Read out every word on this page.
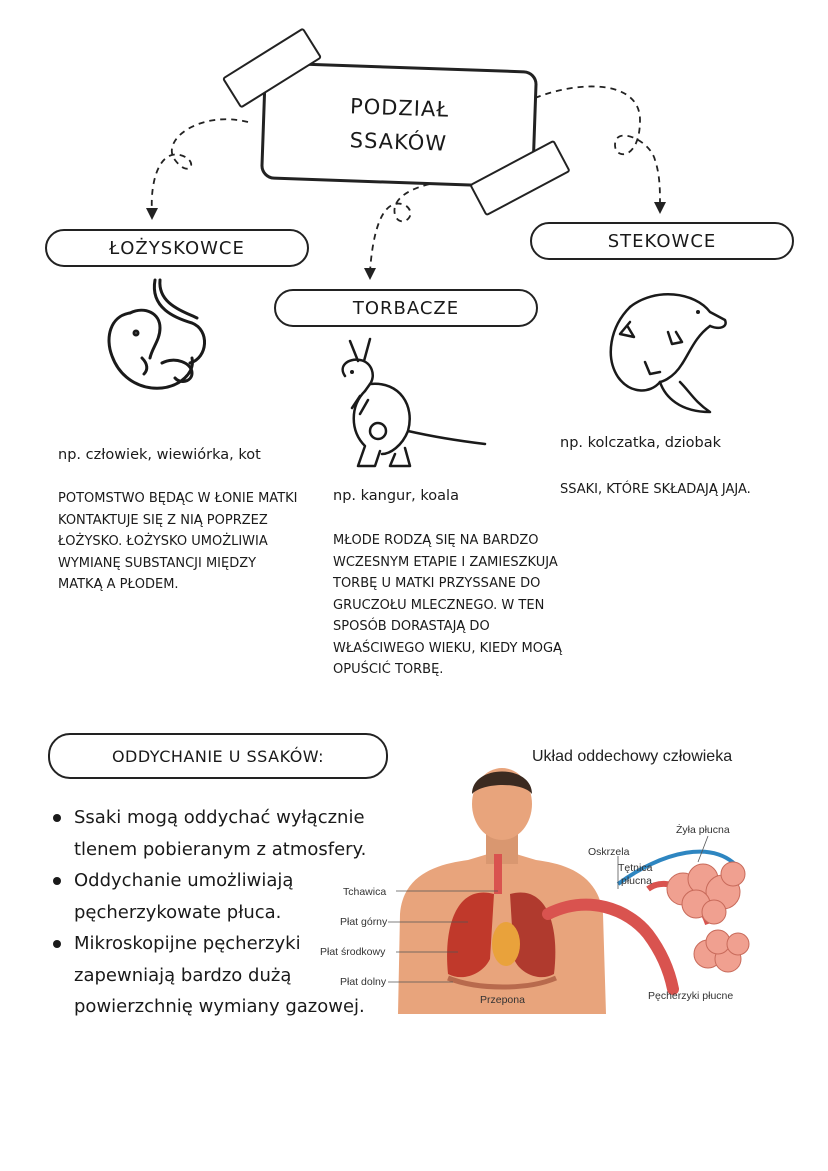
PODZIAŁ
SSAKÓW
ŁOŻYSKOWCE
TORBACZE
STEKOWCE
np. człowiek, wiewiórka, kot
np. kangur, koala
np. kolczatka, dziobak
POTOMSTWO BĘDĄC W ŁONIE MATKI KONTAKTUJE SIĘ Z NIĄ POPRZEZ ŁOŻYSKO. ŁOŻYSKO UMOŻLIWIA WYMIANĘ SUBSTANCJI MIĘDZY MATKĄ A PŁODEM.
MŁODE RODZĄ SIĘ NA BARDZO WCZESNYM ETAPIE I ZAMIESZKUJA TORBĘ U MATKI PRZYSSANE DO GRUCZOŁU MLECZNEGO. W TEN SPOSÓB DORASTAJĄ DO WŁAŚCIWEGO WIEKU, KIEDY MOGĄ OPUŚCIĆ TORBĘ.
SSAKI, KTÓRE SKŁADAJĄ JAJA.
ODDYCHANIE U SSAKÓW:
Ssaki mogą oddychać wyłącznie tlenem pobieranym z atmosfery.
Oddychanie umożliwiają pęcherzykowate płuca.
Mikroskopijne pęcherzyki zapewniają bardzo dużą powierzchnię wymiany gazowej.
Układ oddechowy człowieka
Tchawica
Płat górny
Płat środkowy
Płat dolny
Przepona
Oskrzela
Tętnica
płucna
Żyła płucna
Pęcherzyki płucne
